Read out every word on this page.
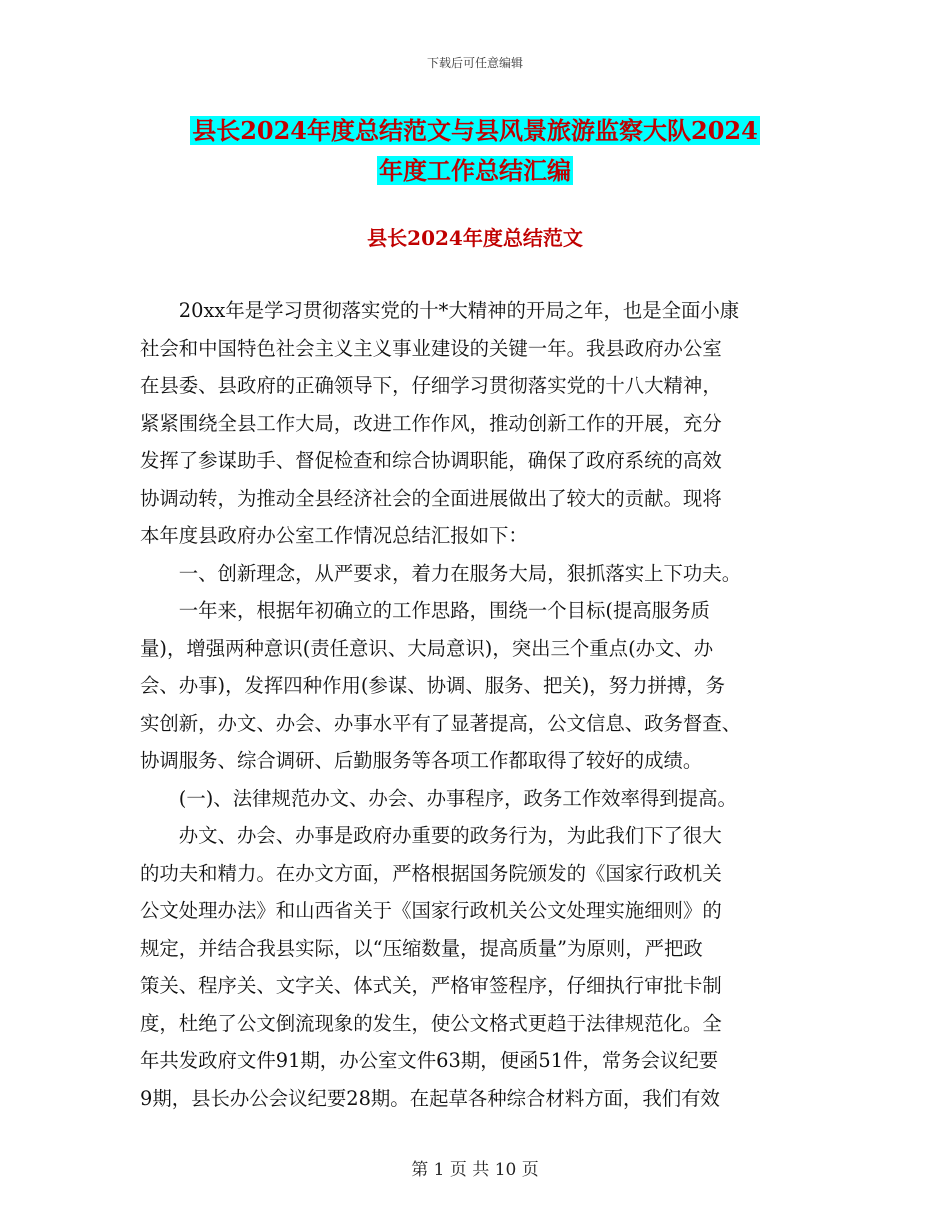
下载后可任意编辑
县长2024年度总结范文与县风景旅游监察大队2024
年度工作总结汇编
县长2024年度总结范文
　　20xx年是学习贯彻落实党的十*大精神的开局之年，也是全面小康
社会和中国特色社会主义主义事业建设的关键一年。我县政府办公室
在县委、县政府的正确领导下，仔细学习贯彻落实党的十八大精神，
紧紧围绕全县工作大局，改进工作作风，推动创新工作的开展，充分
发挥了参谋助手、督促检查和综合协调职能，确保了政府系统的高效
协调动转，为推动全县经济社会的全面进展做出了较大的贡献。现将
本年度县政府办公室工作情况总结汇报如下：
　　一、创新理念，从严要求，着力在服务大局，狠抓落实上下功夫。
　　一年来，根据年初确立的工作思路，围绕一个目标(提高服务质
量)，增强两种意识(责任意识、大局意识)，突出三个重点(办文、办
会、办事)，发挥四种作用(参谋、协调、服务、把关)，努力拼搏，务
实创新，办文、办会、办事水平有了显著提高，公文信息、政务督查、
协调服务、综合调研、后勤服务等各项工作都取得了较好的成绩。
　　(一)、法律规范办文、办会、办事程序，政务工作效率得到提高。
　　办文、办会、办事是政府办重要的政务行为，为此我们下了很大
的功夫和精力。在办文方面，严格根据国务院颁发的《国家行政机关
公文处理办法》和山西省关于《国家行政机关公文处理实施细则》的
规定，并结合我县实际，以“压缩数量，提高质量”为原则，严把政
策关、程序关、文字关、体式关，严格审签程序，仔细执行审批卡制
度，杜绝了公文倒流现象的发生，使公文格式更趋于法律规范化。全
年共发政府文件91期，办公室文件63期，便函51件，常务会议纪要
9期，县长办公会议纪要28期。在起草各种综合材料方面，我们有效
第 1 页 共 10 页
